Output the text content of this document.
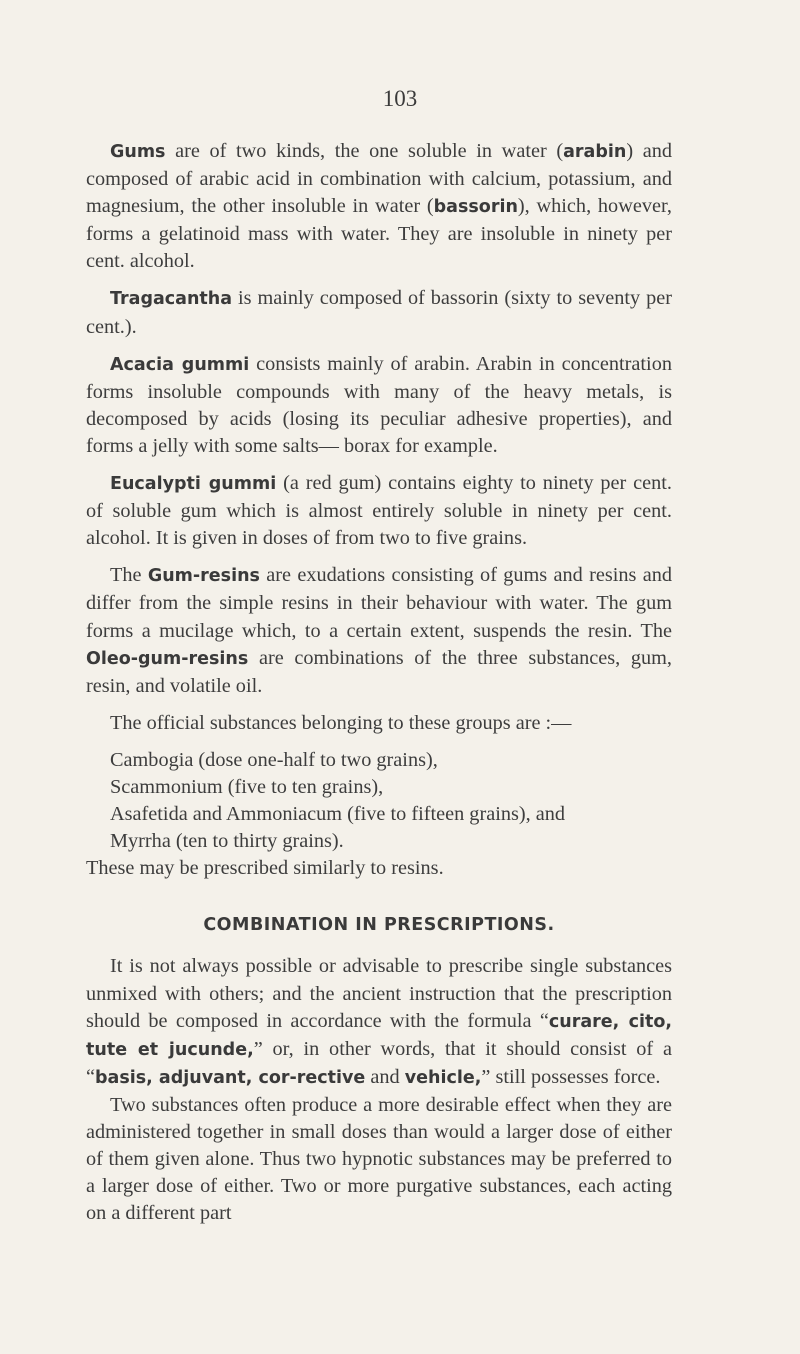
103

Gums are of two kinds, the one soluble in water (arabin) and composed of arabic acid in combination with calcium, potassium, and magnesium, the other insoluble in water (bassorin), which, however, forms a gelatinoid mass with water. They are insoluble in ninety per cent. alcohol.

Tragacantha is mainly composed of bassorin (sixty to seventy per cent.).

Acacia gummi consists mainly of arabin. Arabin in concentration forms insoluble compounds with many of the heavy metals, is decomposed by acids (losing its peculiar adhesive properties), and forms a jelly with some salts— borax for example.

Eucalypti gummi (a red gum) contains eighty to ninety per cent. of soluble gum which is almost entirely soluble in ninety per cent. alcohol. It is given in doses of from two to five grains.

The Gum-resins are exudations consisting of gums and resins and differ from the simple resins in their behaviour with water. The gum forms a mucilage which, to a certain extent, suspends the resin. The Oleo-gum-resins are combinations of the three substances, gum, resin, and volatile oil.

The official substances belonging to these groups are :—

Cambogia (dose one-half to two grains),
Scammonium (five to ten grains),
Asafetida and Ammoniacum (five to fifteen grains), and
Myrrha (ten to thirty grains).
These may be prescribed similarly to resins.
COMBINATION IN PRESCRIPTIONS.

It is not always possible or advisable to prescribe single substances unmixed with others; and the ancient instruction that the prescription should be composed in accordance with the formula “curare, cito, tute et jucunde,” or, in other words, that it should consist of a “basis, adjuvant, cor-rective and vehicle,” still possesses force.

Two substances often produce a more desirable effect when they are administered together in small doses than would a larger dose of either of them given alone. Thus two hypnotic substances may be preferred to a larger dose of either. Two or more purgative substances, each acting on a different part
